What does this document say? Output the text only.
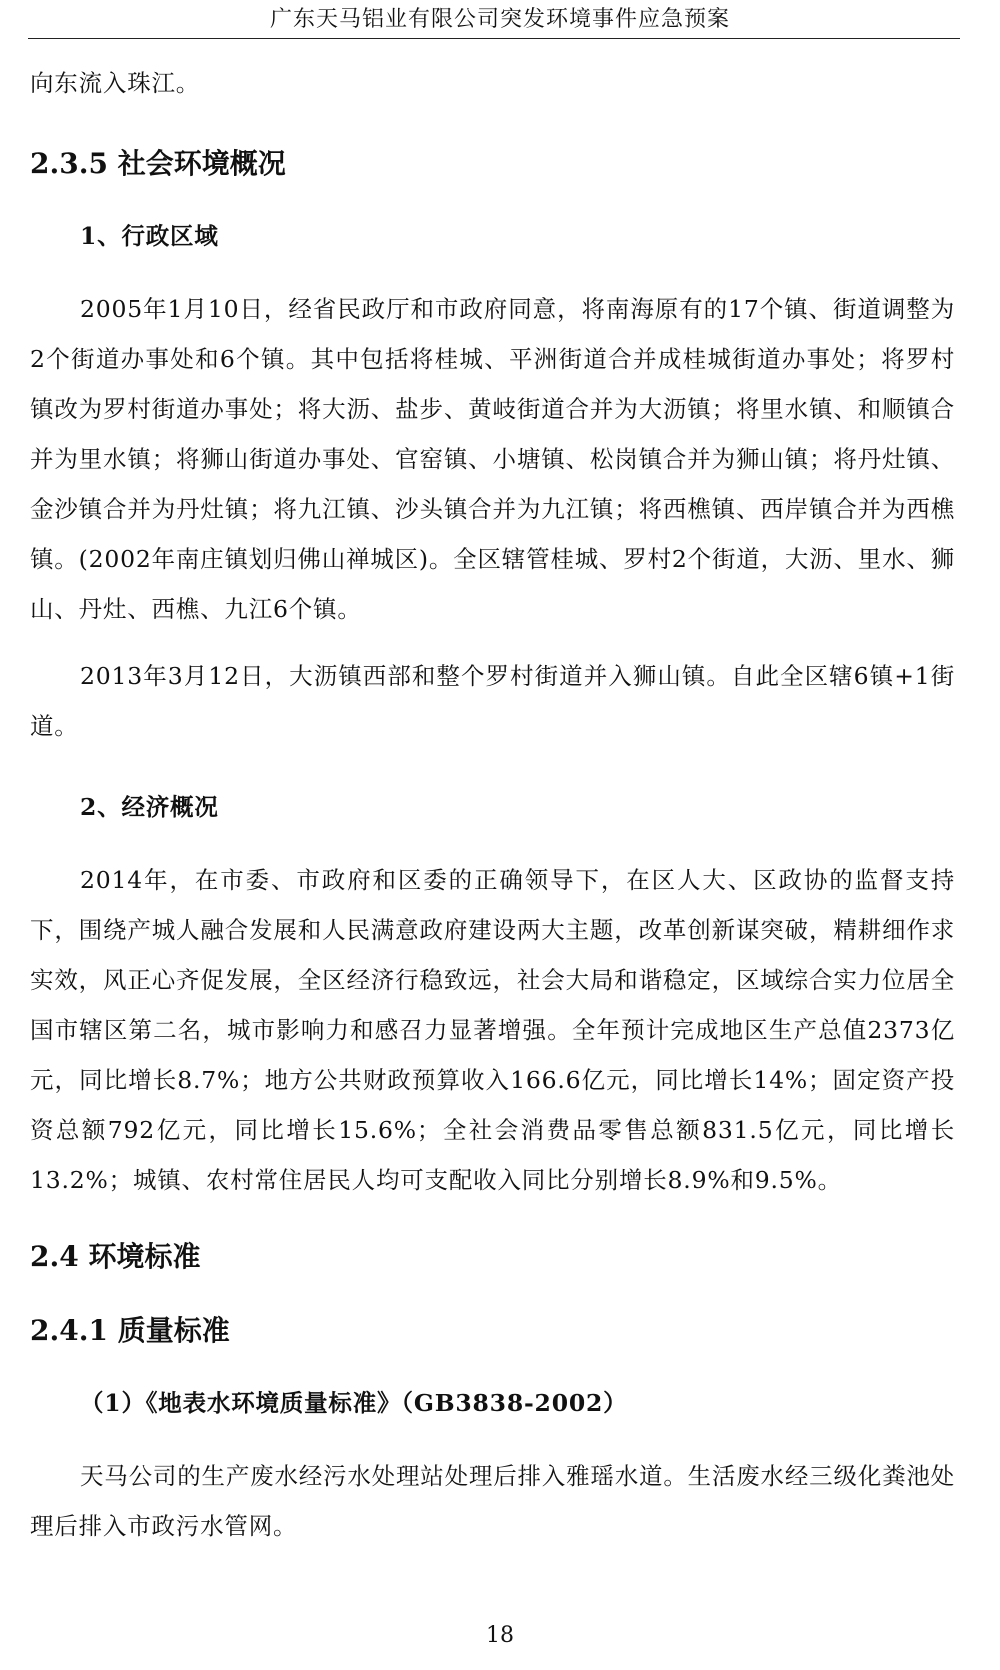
广东天马铝业有限公司突发环境事件应急预案

向东流入珠江。

2.3.5 社会环境概况
1、行政区域

2005年1月10日，经省民政厅和市政府同意，将南海原有的17个镇、街道调整为2个街道办事处和6个镇。其中包括将桂城、平洲街道合并成桂城街道办事处；将罗村镇改为罗村街道办事处；将大沥、盐步、黄岐街道合并为大沥镇；将里水镇、和顺镇合并为里水镇；将狮山街道办事处、官窑镇、小塘镇、松岗镇合并为狮山镇；将丹灶镇、金沙镇合并为丹灶镇；将九江镇、沙头镇合并为九江镇；将西樵镇、西岸镇合并为西樵镇。(2002年南庄镇划归佛山禅城区)。全区辖管桂城、罗村2个街道，大沥、里水、狮山、丹灶、西樵、九江6个镇。

2013年3月12日，大沥镇西部和整个罗村街道并入狮山镇。自此全区辖6镇+1街道。

2、经济概况

2014年，在市委、市政府和区委的正确领导下，在区人大、区政协的监督支持下，围绕产城人融合发展和人民满意政府建设两大主题，改革创新谋突破，精耕细作求实效，风正心齐促发展，全区经济行稳致远，社会大局和谐稳定，区域综合实力位居全国市辖区第二名，城市影响力和感召力显著增强。全年预计完成地区生产总值2373亿元，同比增长8.7%；地方公共财政预算收入166.6亿元，同比增长14%；固定资产投资总额792亿元，同比增长15.6%；全社会消费品零售总额831.5亿元，同比增长13.2%；城镇、农村常住居民人均可支配收入同比分别增长8.9%和9.5%。

2.4 环境标准
2.4.1 质量标准
（1）《地表水环境质量标准》（GB3838-2002）

天马公司的生产废水经污水处理站处理后排入雅瑶水道。生活废水经三级化粪池处理后排入市政污水管网。

18
